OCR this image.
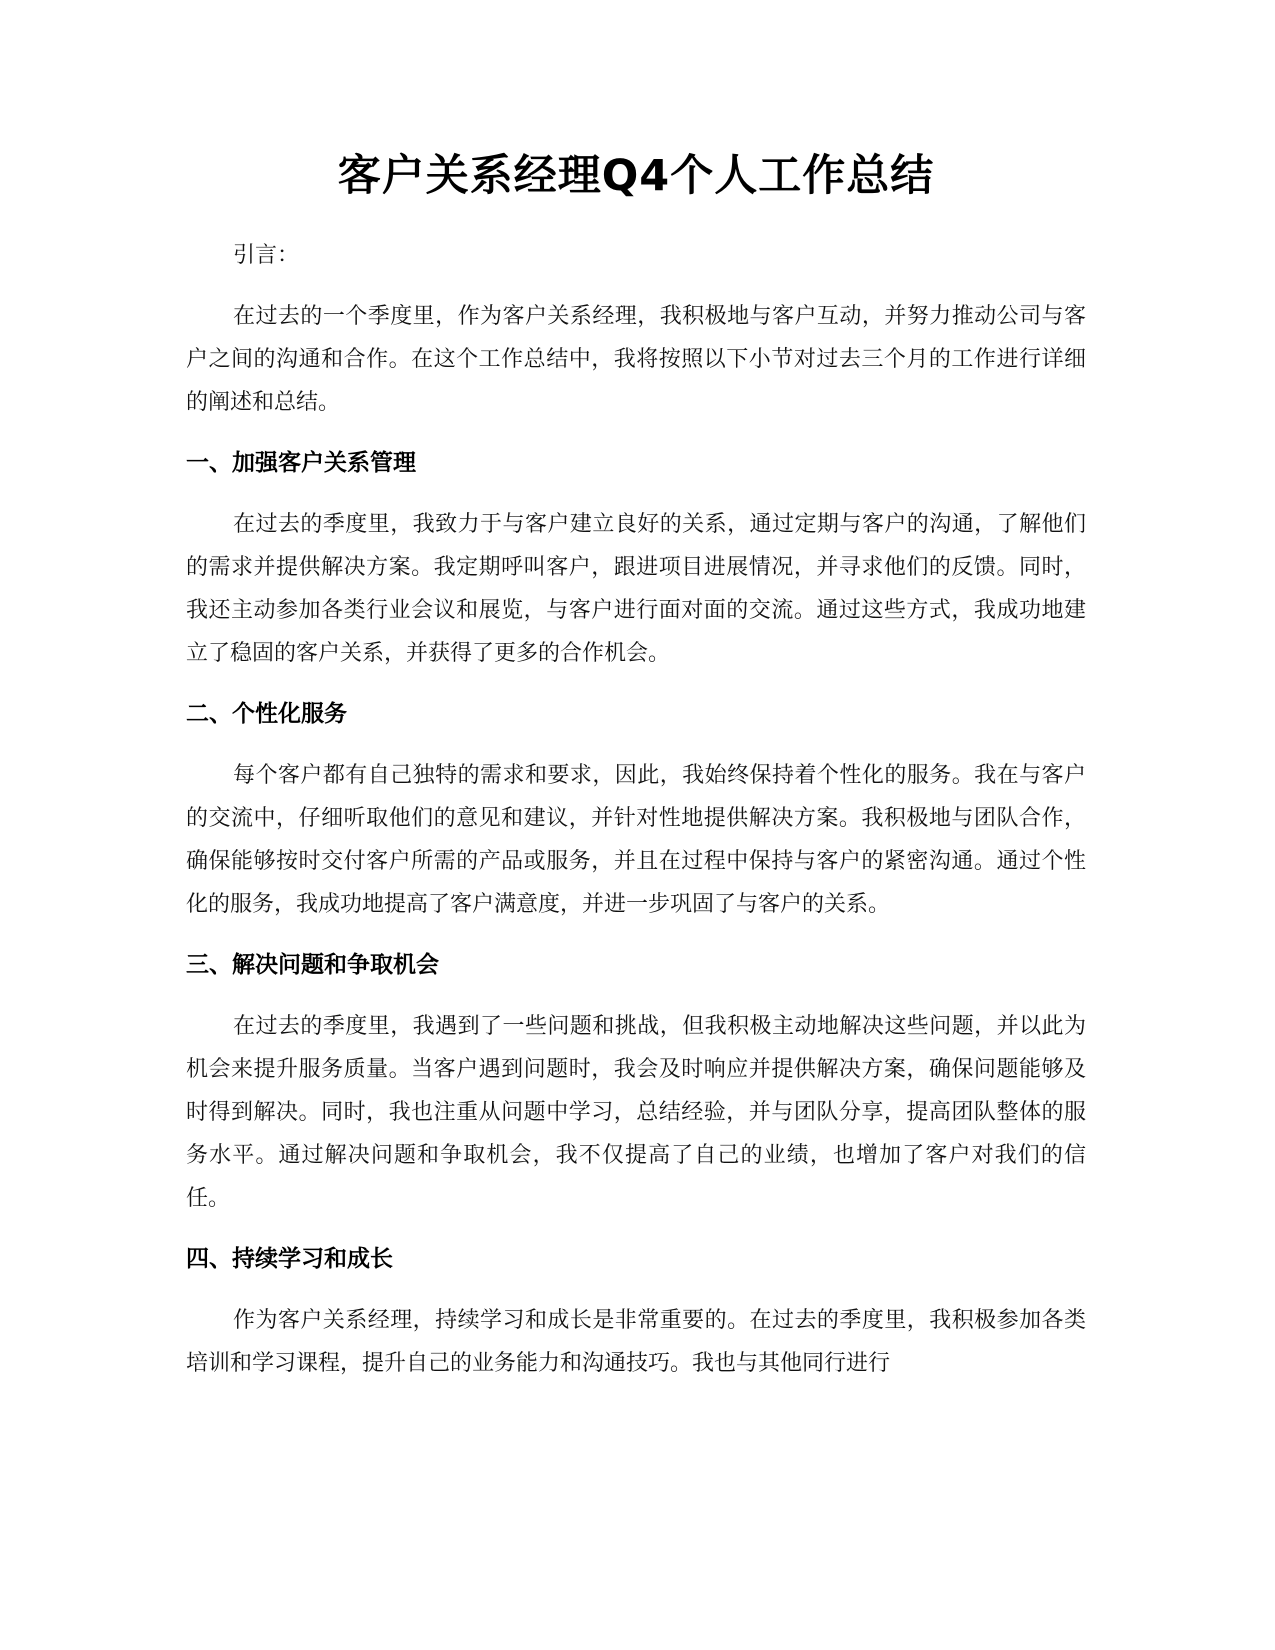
客户关系经理Q4个人工作总结

引言：

在过去的一个季度里，作为客户关系经理，我积极地与客户互动，并努力推动公司与客户之间的沟通和合作。在这个工作总结中，我将按照以下小节对过去三个月的工作进行详细的阐述和总结。

一、加强客户关系管理

在过去的季度里，我致力于与客户建立良好的关系，通过定期与客户的沟通，了解他们的需求并提供解决方案。我定期呼叫客户，跟进项目进展情况，并寻求他们的反馈。同时，我还主动参加各类行业会议和展览，与客户进行面对面的交流。通过这些方式，我成功地建立了稳固的客户关系，并获得了更多的合作机会。

二、个性化服务

每个客户都有自己独特的需求和要求，因此，我始终保持着个性化的服务。我在与客户的交流中，仔细听取他们的意见和建议，并针对性地提供解决方案。我积极地与团队合作，确保能够按时交付客户所需的产品或服务，并且在过程中保持与客户的紧密沟通。通过个性化的服务，我成功地提高了客户满意度，并进一步巩固了与客户的关系。

三、解决问题和争取机会

在过去的季度里，我遇到了一些问题和挑战，但我积极主动地解决这些问题，并以此为机会来提升服务质量。当客户遇到问题时，我会及时响应并提供解决方案，确保问题能够及时得到解决。同时，我也注重从问题中学习，总结经验，并与团队分享，提高团队整体的服务水平。通过解决问题和争取机会，我不仅提高了自己的业绩，也增加了客户对我们的信任。

四、持续学习和成长

作为客户关系经理，持续学习和成长是非常重要的。在过去的季度里，我积极参加各类培训和学习课程，提升自己的业务能力和沟通技巧。我也与其他同行进行
